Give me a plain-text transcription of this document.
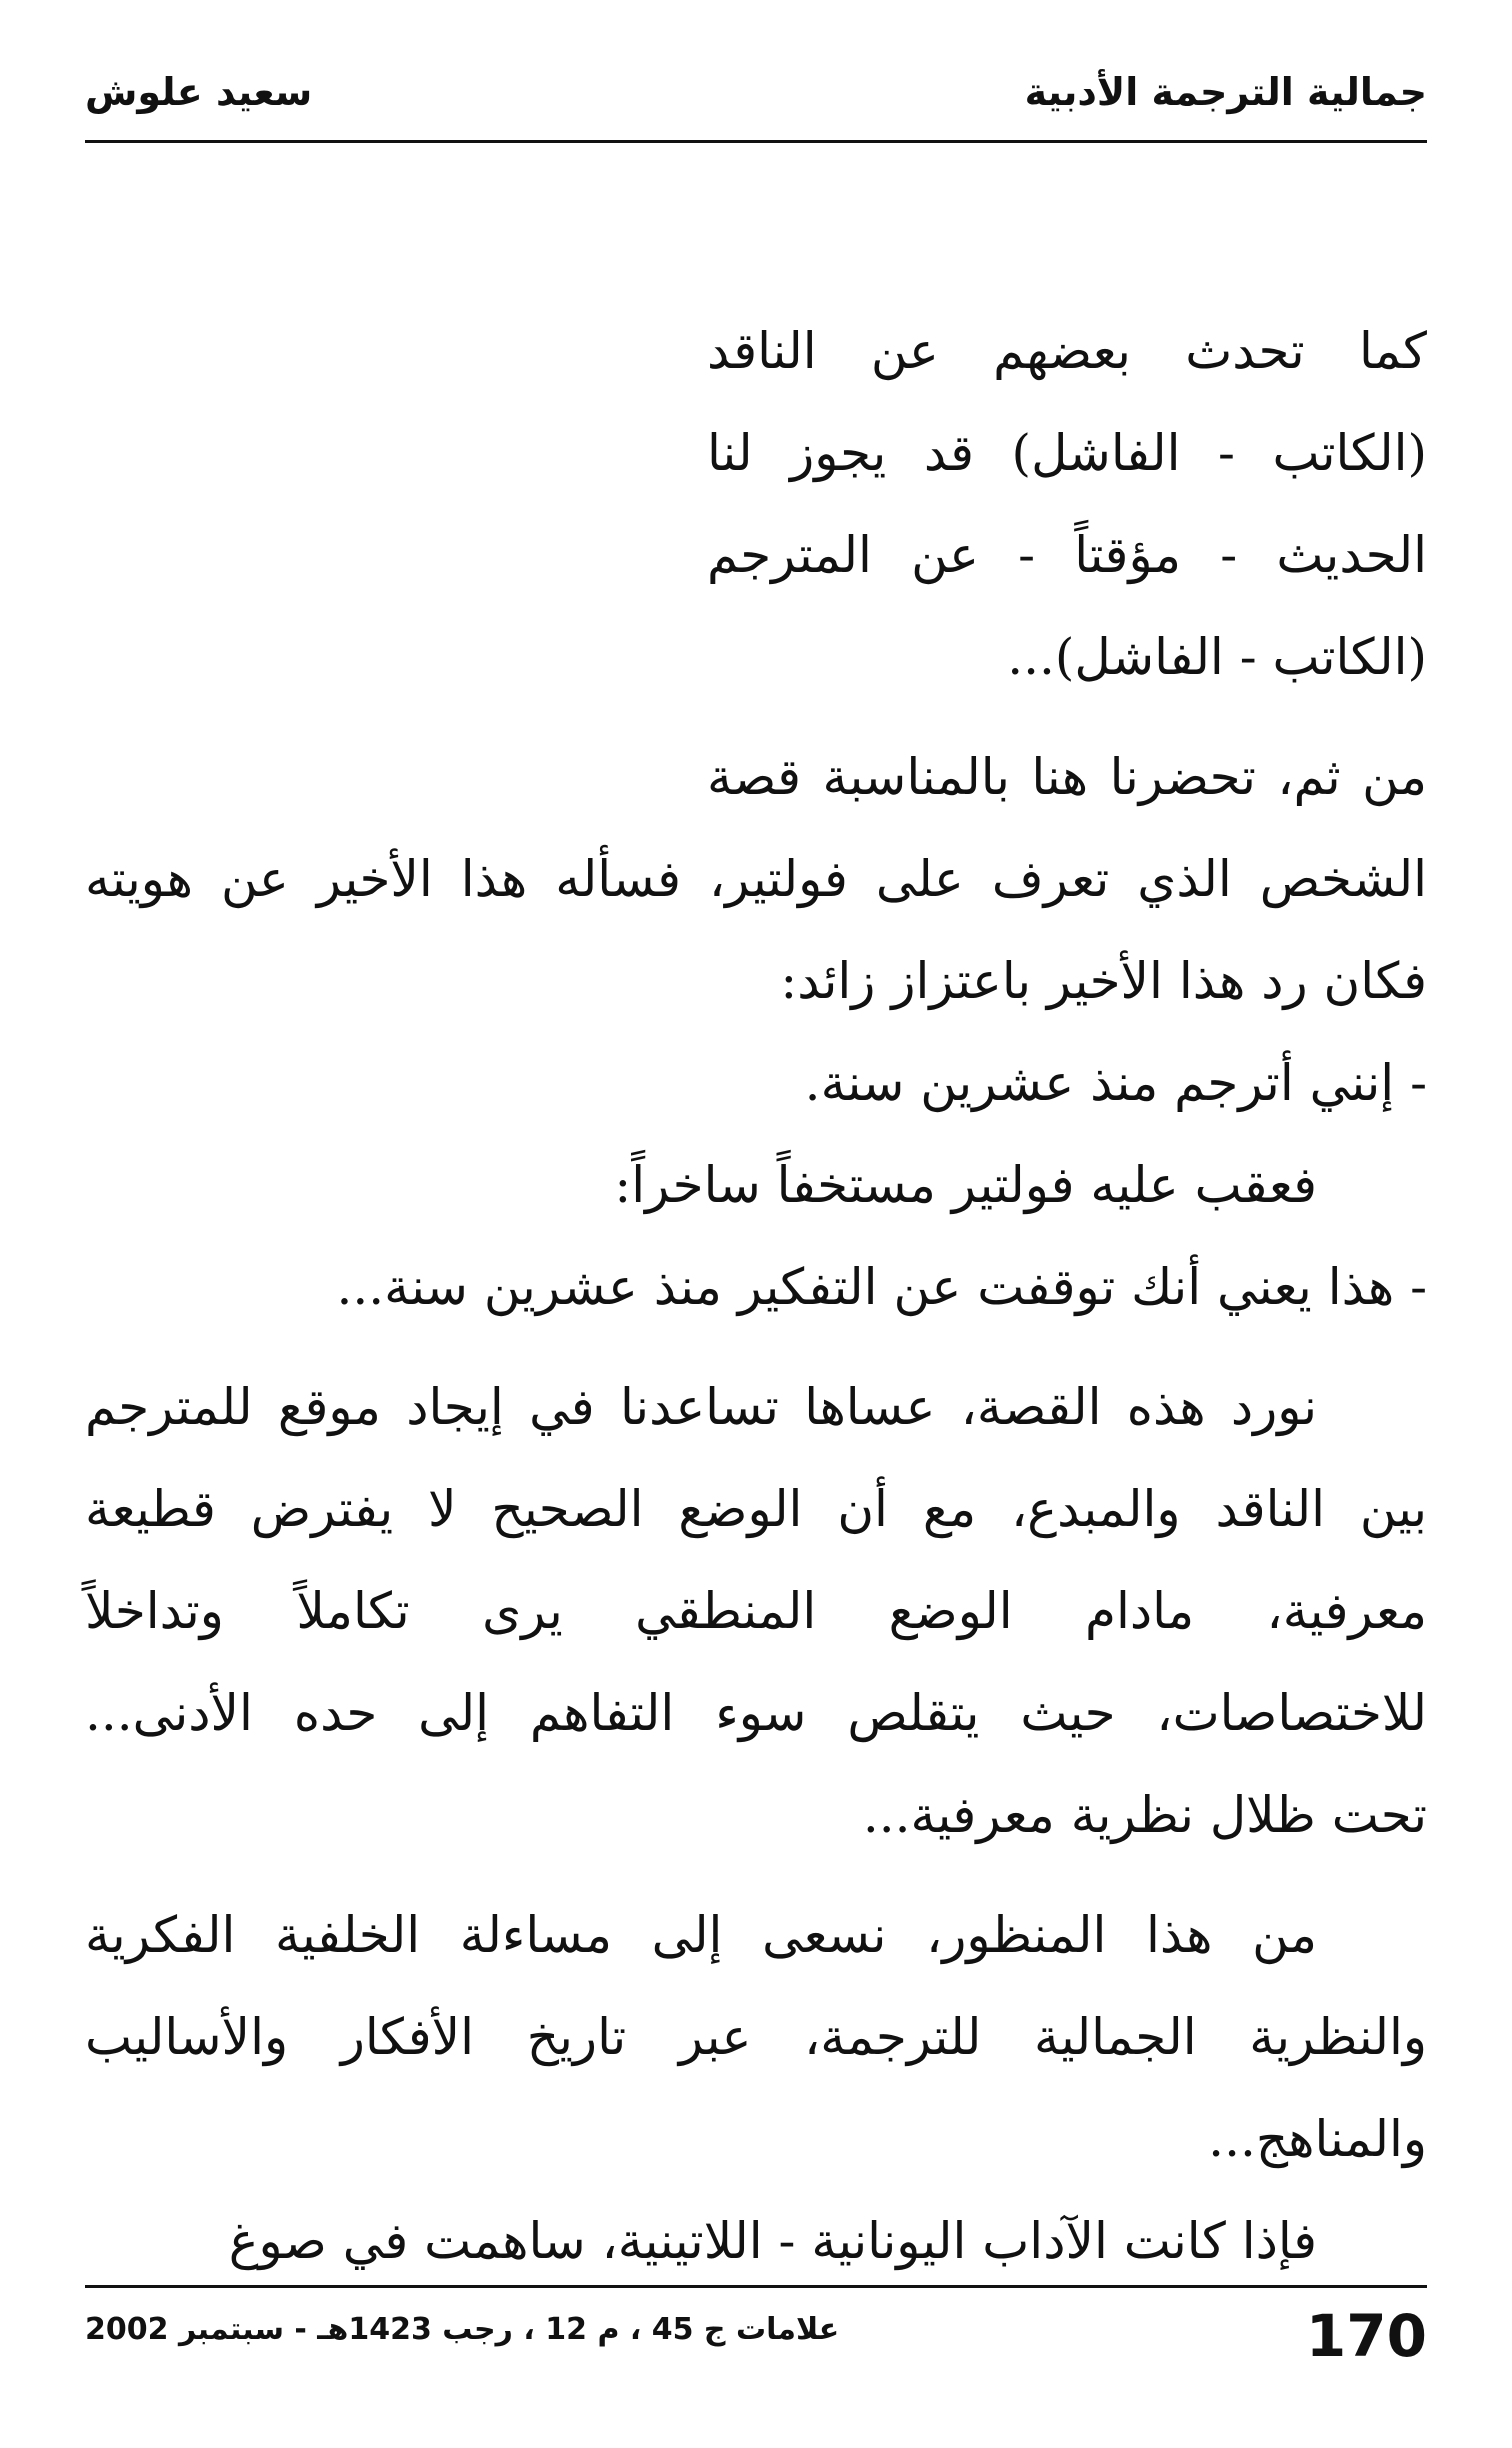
جمالية الترجمة الأدبية
سعيد علوش
كما تحدث بعضهم عن الناقد
(الكاتب - الفاشل) قد يجوز لنا
الحديث - مؤقتاً - عن المترجم
(الكاتب - الفاشل)...
من ثم، تحضرنا هنا بالمناسبة قصة
الشخص الذي تعرف على فولتير، فسأله هذا الأخير عن هويته
فكان رد هذا الأخير باعتزاز زائد:
- إنني أترجم منذ عشرين سنة.
فعقب عليه فولتير مستخفاً ساخراً:
- هذا يعني أنك توقفت عن التفكير منذ عشرين سنة...
نورد هذه القصة، عساها تساعدنا في إيجاد موقع للمترجم
بين الناقد والمبدع، مع أن الوضع الصحيح لا يفترض قطيعة
معرفية، مادام الوضع المنطقي يرى تكاملاً وتداخلاً
للاختصاصات، حيث يتقلص سوء التفاهم إلى حده الأدنى...
تحت ظلال نظرية معرفية...
من هذا المنظور، نسعى إلى مساءلة الخلفية الفكرية
والنظرية الجمالية للترجمة، عبر تاريخ الأفكار والأساليب
والمناهج...
فإذا كانت الآداب اليونانية - اللاتينية، ساهمت في صوغ
170
علامات ج 45 ، م 12 ، رجب 1423هـ - سبتمبر 2002
